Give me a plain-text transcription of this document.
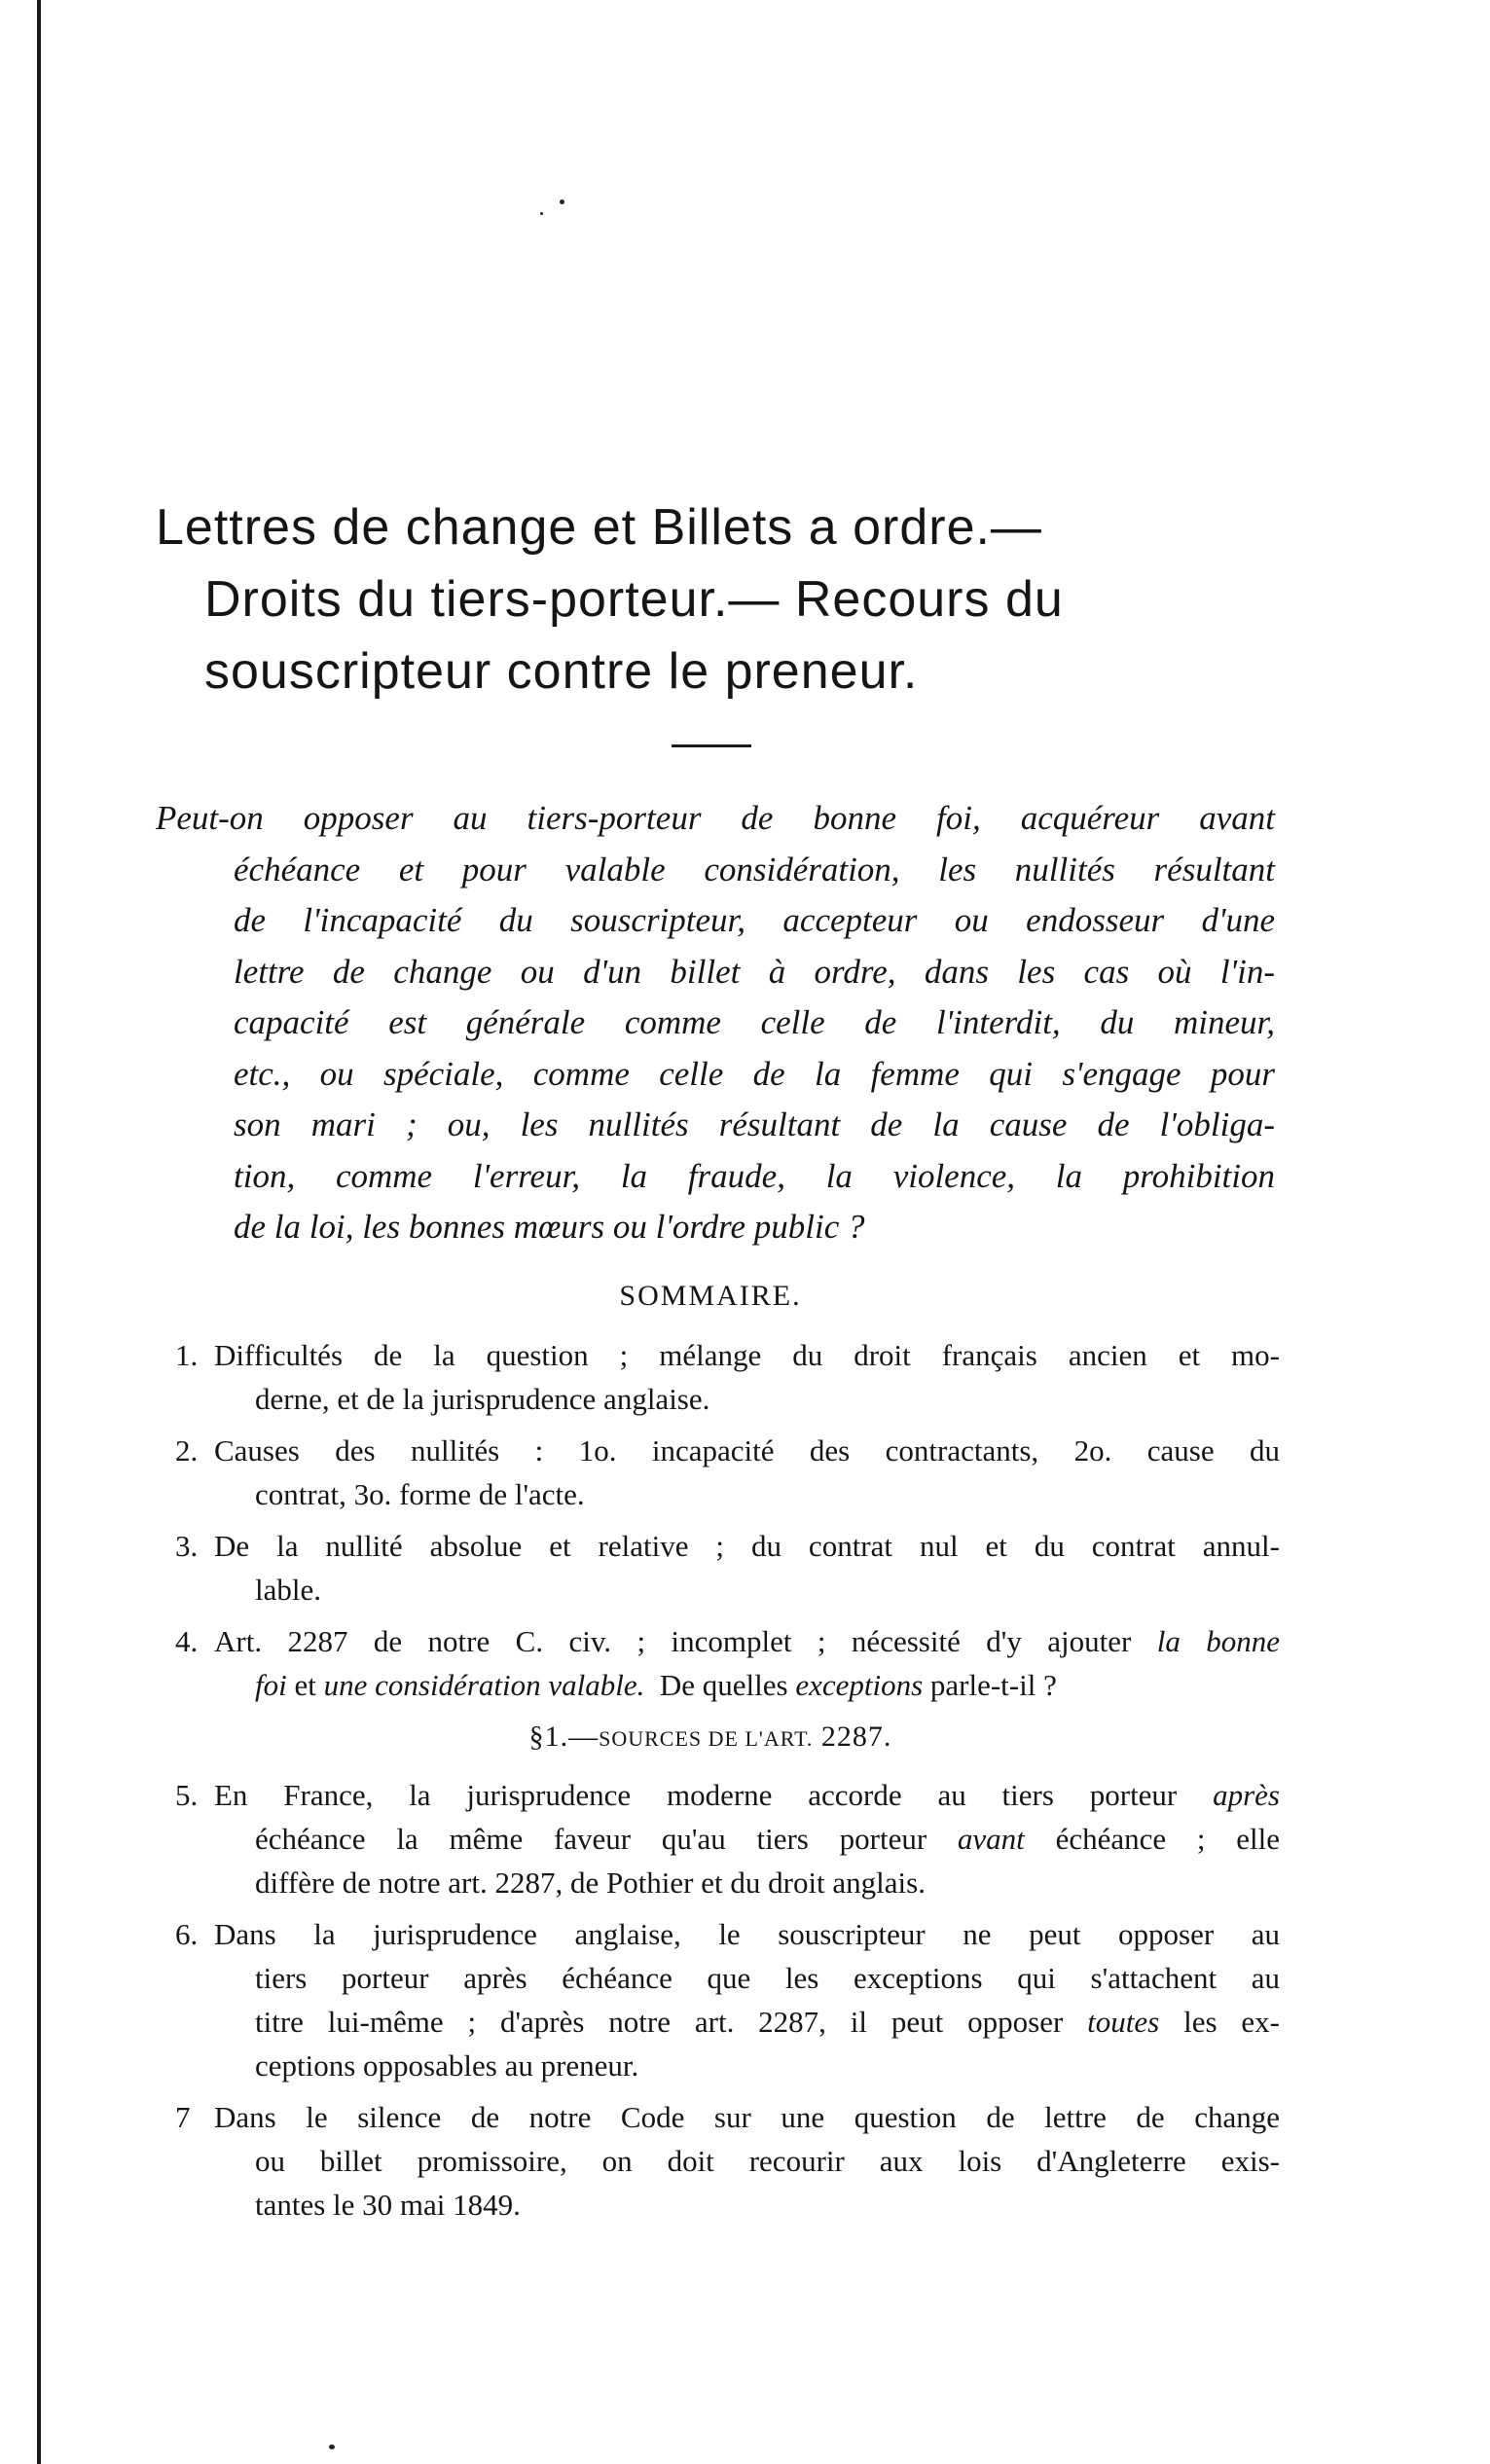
Lettres de change et Billets a ordre.—
Droits du tiers-porteur.— Recours du
souscripteur contre le preneur.

Peut-on opposer au tiers-porteur de bonne foi, acquéreur avant
échéance et pour valable considération, les nullités résultant
de l'incapacité du souscripteur, accepteur ou endosseur d'une
lettre de change ou d'un billet à ordre, dans les cas où l'in-
capacité est générale comme celle de l'interdit, du mineur,
etc., ou spéciale, comme celle de la femme qui s'engage pour
son mari ; ou, les nullités résultant de la cause de l'obliga-
tion, comme l'erreur, la fraude, la violence, la prohibition
de la loi, les bonnes mœurs ou l'ordre public ?

SOMMAIRE.
1. Difficultés de la question ; mélange du droit français ancien et mo-
derne, et de la jurisprudence anglaise.
2. Causes des nullités : 1o. incapacité des contractants, 2o. cause du
contrat, 3o. forme de l'acte.
3. De la nullité absolue et relative ; du contrat nul et du contrat annul-
lable.
4. Art. 2287 de notre C. civ. ; incomplet ; nécessité d'y ajouter la bonne
foi et une considération valable. De quelles exceptions parle-t-il ?
§1.—SOURCES DE L'ART. 2287.
5. En France, la jurisprudence moderne accorde au tiers porteur après
échéance la même faveur qu'au tiers porteur avant échéance ; elle
diffère de notre art. 2287, de Pothier et du droit anglais.
6. Dans la jurisprudence anglaise, le souscripteur ne peut opposer au
tiers porteur après échéance que les exceptions qui s'attachent au
titre lui-même ; d'après notre art. 2287, il peut opposer toutes les ex-
ceptions opposables au preneur.
7 Dans le silence de notre Code sur une question de lettre de change
ou billet promissoire, on doit recourir aux lois d'Angleterre exis-
tantes le 30 mai 1849.
